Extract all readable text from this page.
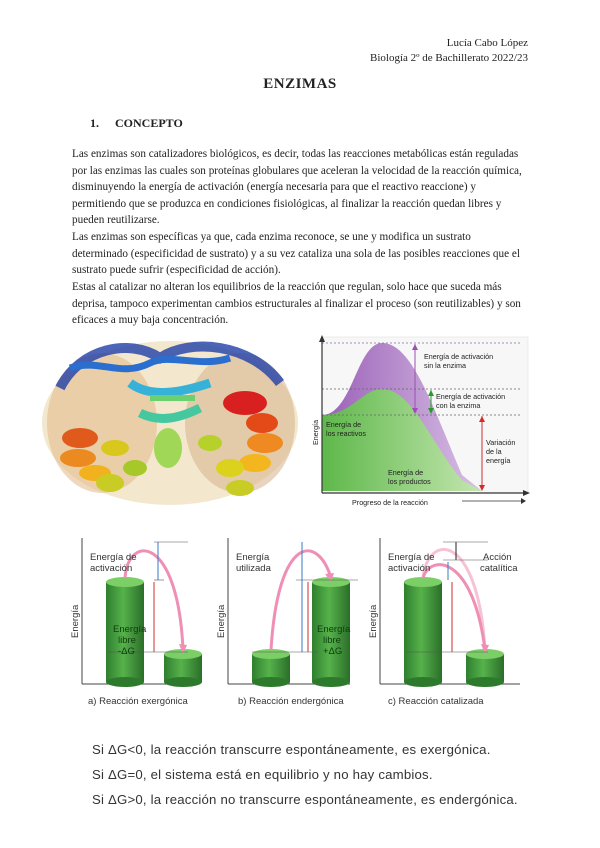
Lucía Cabo López
Biología 2º de Bachillerato 2022/23
ENZIMAS
1. CONCEPTO
Las enzimas son catalizadores biológicos, es decir, todas las reacciones metabólicas están reguladas por las enzimas las cuales son proteínas globulares que aceleran la velocidad de la reacción química, disminuyendo la energía de activación (energía necesaria para que el reactivo reaccione) y permitiendo que se produzca en condiciones fisiológicas, al finalizar la reacción quedan libres y pueden reutilizarse.
Las enzimas son específicas ya que, cada enzima reconoce, se une y modifica un sustrato determinado (especificidad de sustrato) y a su vez cataliza una sola de las posibles reacciones que el sustrato puede sufrir (especificidad de acción).
Estas al catalizar no alteran los equilibrios de la reacción que regulan, solo hace que suceda más deprisa, tampoco experimentan cambios estructurales al finalizar el proceso (son reutilizables) y son eficaces a muy baja concentración.
Energía de activación sin la enzima
Energía de activación con la enzima
Energía de los reactivos
Energía de los productos
Variación de la energía
Progreso de la reacción
Energía
Energía
Energía de activación
Energía libre -ΔG
a) Reacción exergónica
Energía
Energía utilizada
Energía libre +ΔG
b) Reacción endergónica
Energía
Energía de activación
Acción catalítica
c) Reacción catalizada
Si ΔG<0, la reacción transcurre espontáneamente, es exergónica.
Si ΔG=0, el sistema está en equilibrio y no hay cambios.
Si ΔG>0, la reacción no transcurre espontáneamente, es endergónica.
